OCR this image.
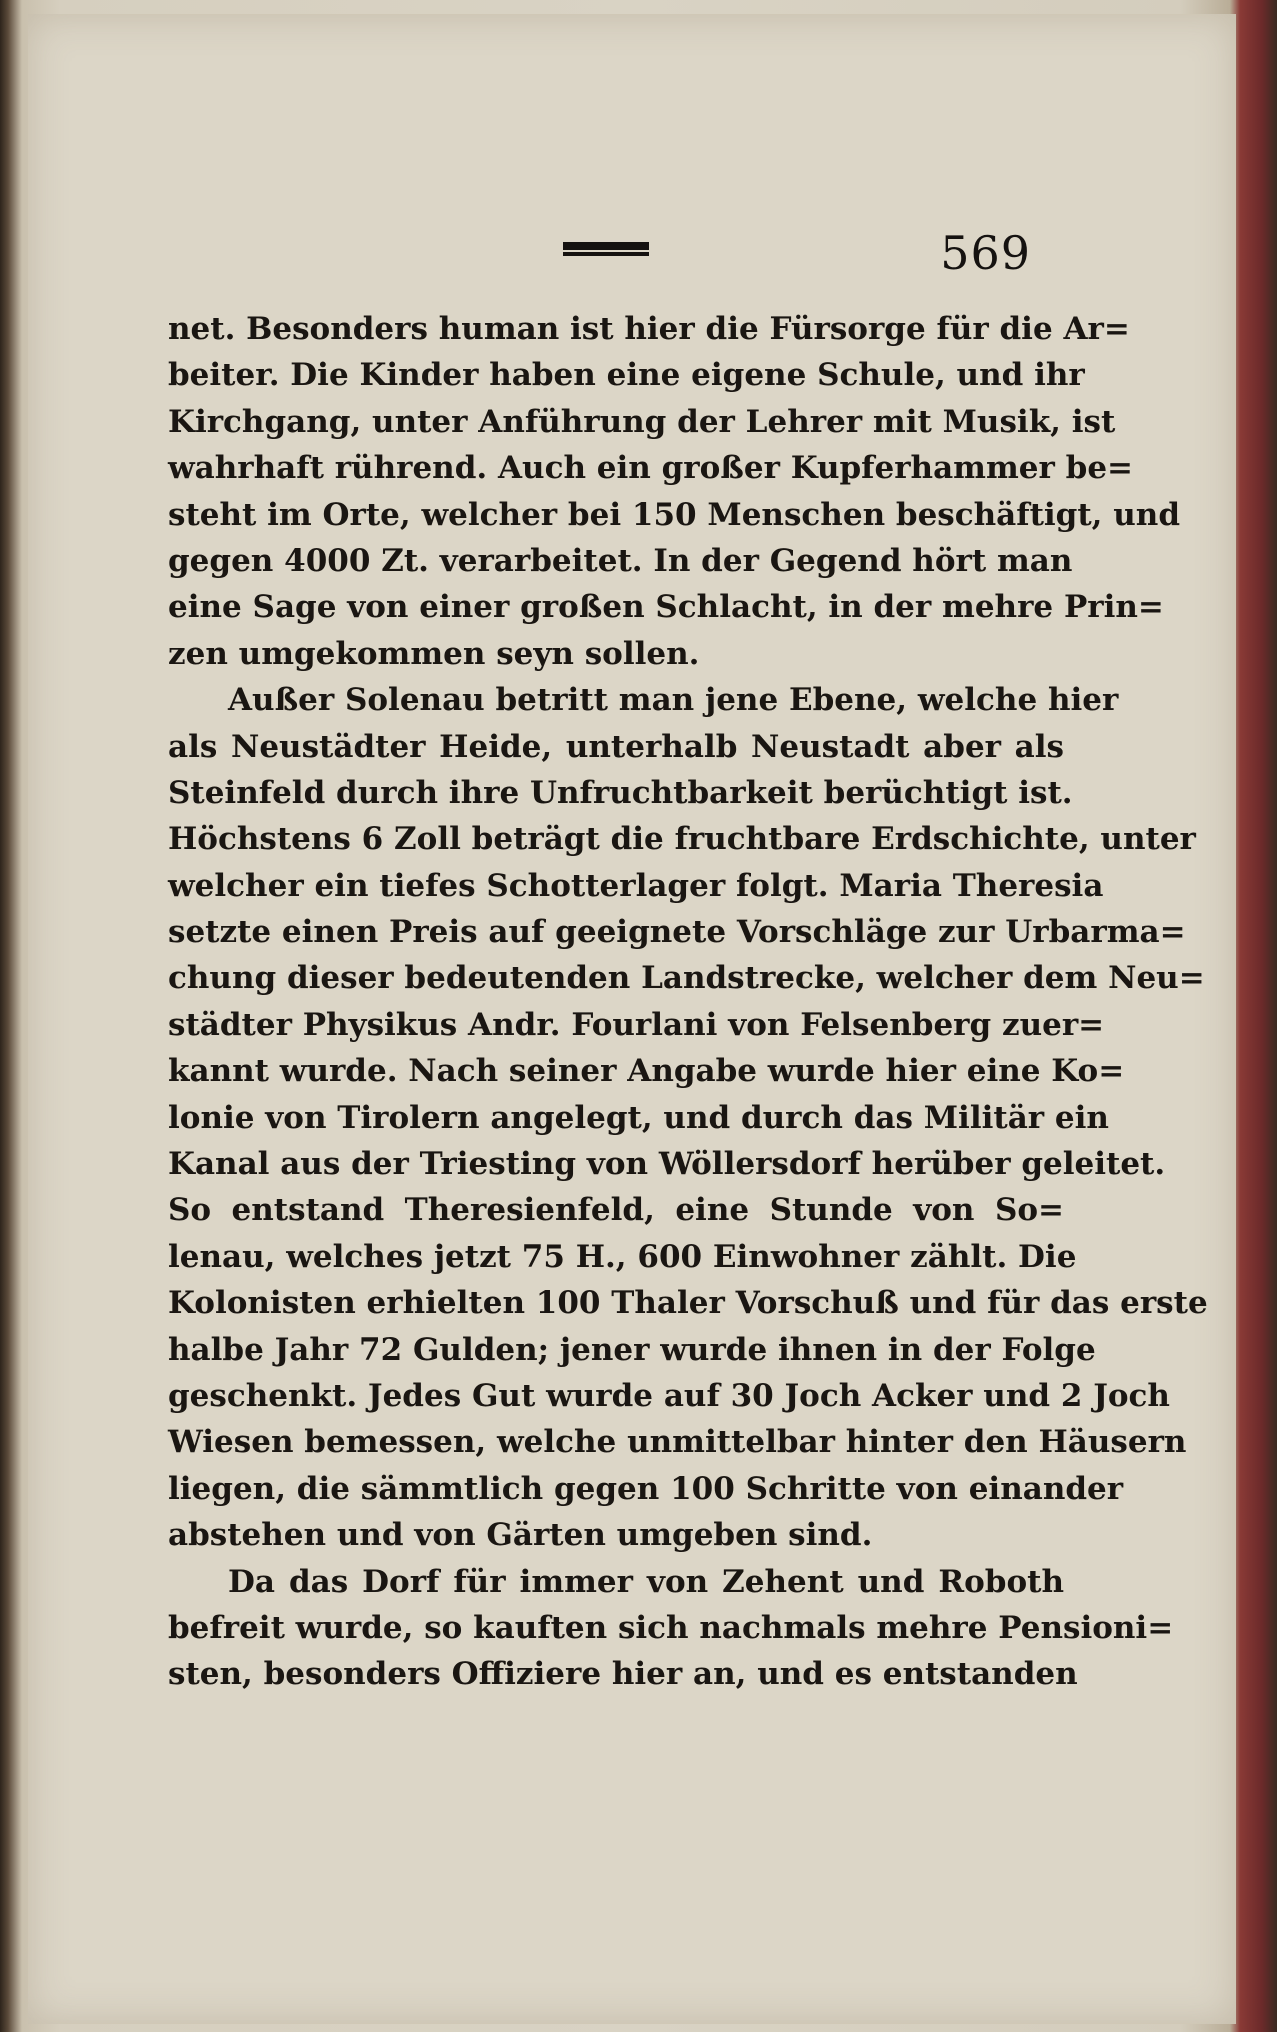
569
net. Besonders human ist hier die Fürsorge für die Ar=
beiter. Die Kinder haben eine eigene Schule, und ihr
Kirchgang, unter Anführung der Lehrer mit Musik, ist
wahrhaft rührend. Auch ein großer Kupferhammer be=
steht im Orte, welcher bei 150 Menschen beschäftigt, und
gegen 4000 Zt. verarbeitet. In der Gegend hört man
eine Sage von einer großen Schlacht, in der mehre Prin=
zen umgekommen seyn sollen.
Außer Solenau betritt man jene Ebene, welche hier
als Neustädter Heide, unterhalb Neustadt aber als
Steinfeld durch ihre Unfruchtbarkeit berüchtigt ist.
Höchstens 6 Zoll beträgt die fruchtbare Erdschichte, unter
welcher ein tiefes Schotterlager folgt. Maria Theresia
setzte einen Preis auf geeignete Vorschläge zur Urbarma=
chung dieser bedeutenden Landstrecke, welcher dem Neu=
städter Physikus Andr. Fourlani von Felsenberg zuer=
kannt wurde. Nach seiner Angabe wurde hier eine Ko=
lonie von Tirolern angelegt, und durch das Militär ein
Kanal aus der Triesting von Wöllersdorf herüber geleitet.
So entstand Theresienfeld, eine Stunde von So=
lenau, welches jetzt 75 H., 600 Einwohner zählt. Die
Kolonisten erhielten 100 Thaler Vorschuß und für das erste
halbe Jahr 72 Gulden; jener wurde ihnen in der Folge
geschenkt. Jedes Gut wurde auf 30 Joch Acker und 2 Joch
Wiesen bemessen, welche unmittelbar hinter den Häusern
liegen, die sämmtlich gegen 100 Schritte von einander
abstehen und von Gärten umgeben sind.
Da das Dorf für immer von Zehent und Roboth
befreit wurde, so kauften sich nachmals mehre Pensioni=
sten, besonders Offiziere hier an, und es entstanden
